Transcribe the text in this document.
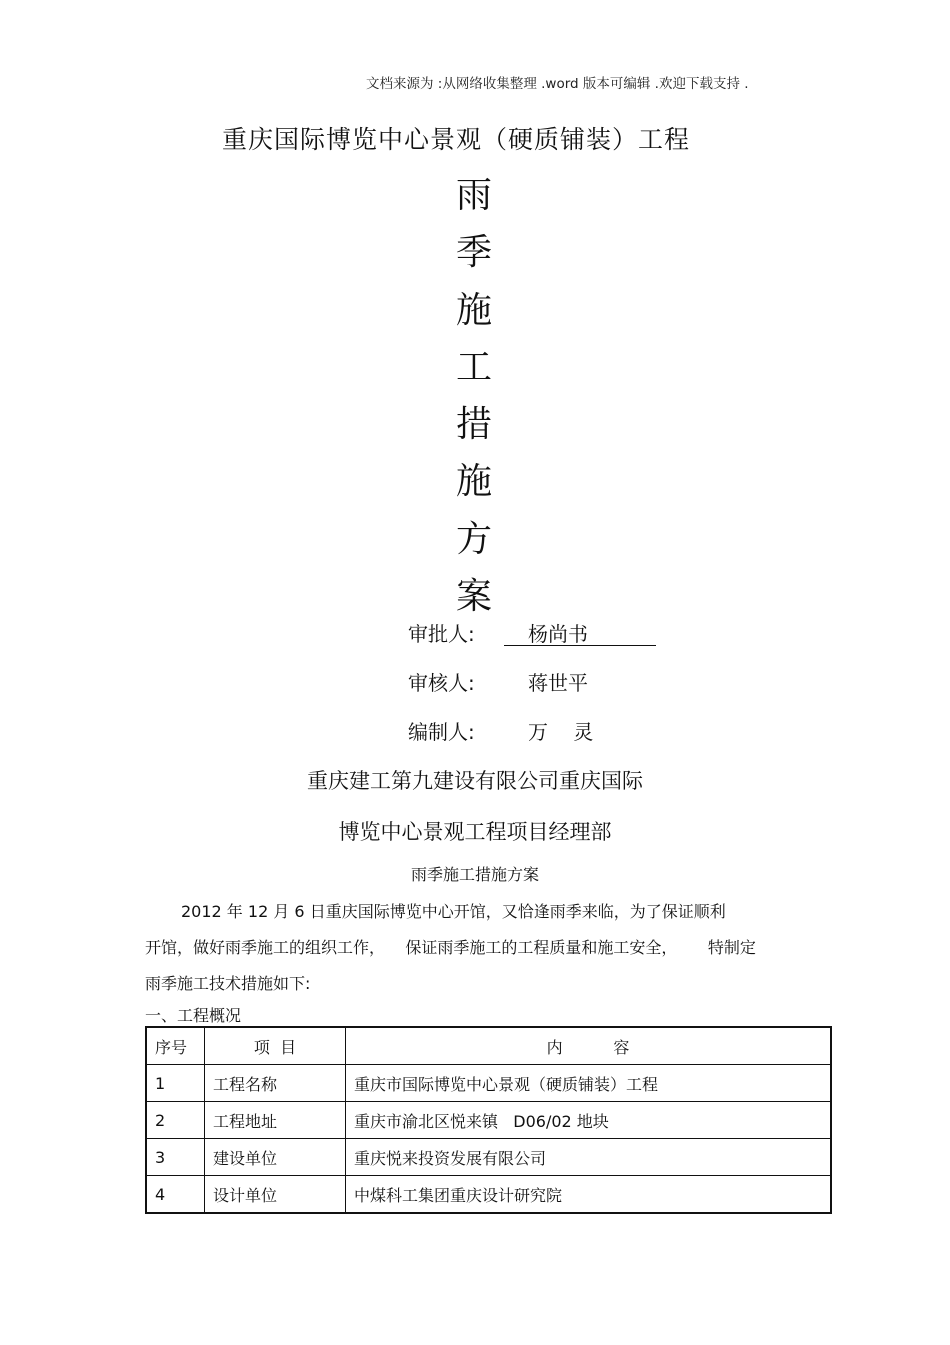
文档来源为 :从网络收集整理 .word 版本可编辑 .欢迎下载支持 .
重庆国际博览中心景观（硬质铺装）工程
雨
季
施
工
措
施
方
案
审批人:	杨尚书
审核人:	蒋世平
编制人:	万    灵
重庆建工第九建设有限公司重庆国际
博览中心景观工程项目经理部
雨季施工措施方案
2012 年 12 月 6 日重庆国际博览中心开馆，又恰逢雨季来临，为了保证顺利
开馆，做好雨季施工的组织工作，    保证雨季施工的工程质量和施工安全，      特制定
雨季施工技术措施如下:
一、工程概况
序号	项  目	内          容
1	工程名称	重庆市国际博览中心景观（硬质铺装）工程
2	工程地址	重庆市渝北区悦来镇   D06/02 地块
3	建设单位	重庆悦来投资发展有限公司
4	设计单位	中煤科工集团重庆设计研究院
